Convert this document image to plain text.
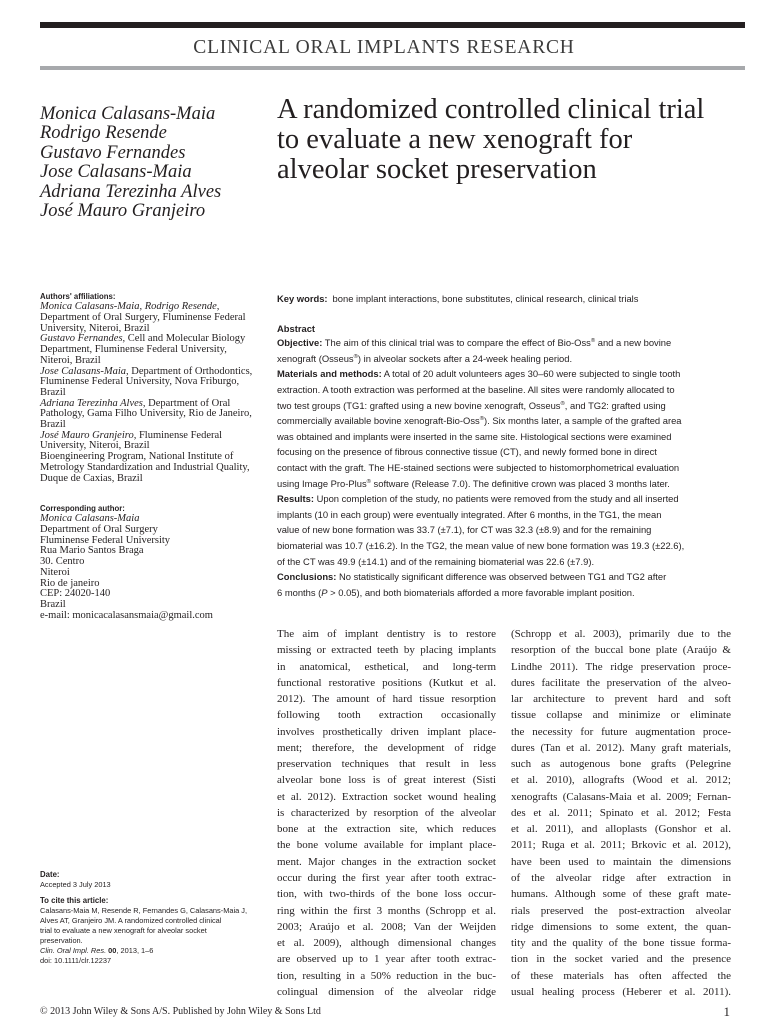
CLINICAL ORAL IMPLANTS RESEARCH
Monica Calasans-Maia
Rodrigo Resende
Gustavo Fernandes
Jose Calasans-Maia
Adriana Terezinha Alves
José Mauro Granjeiro
A randomized controlled clinical trial
to evaluate a new xenograft for
alveolar socket preservation
Authors' affiliations:
Monica Calasans-Maia, Rodrigo Resende,
Department of Oral Surgery, Fluminense Federal
University, Niteroi, Brazil
Gustavo Fernandes, Cell and Molecular Biology
Department, Fluminense Federal University,
Niteroi, Brazil
Jose Calasans-Maia, Department of Orthodontics,
Fluminense Federal University, Nova Friburgo,
Brazil
Adriana Terezinha Alves, Department of Oral
Pathology, Gama Filho University, Rio de Janeiro,
Brazil
José Mauro Granjeiro, Fluminense Federal
University, Niteroi, Brazil
Bioengineering Program, National Institute of
Metrology Standardization and Industrial Quality,
Duque de Caxias, Brazil
Corresponding author:
Monica Calasans-Maia
Department of Oral Surgery
Fluminense Federal University
Rua Mario Santos Braga
30. Centro
Niteroi
Rio de janeiro
CEP: 24020-140
Brazil
e-mail: monicacalasansmaia@gmail.com
Date:
Accepted 3 July 2013
To cite this article:
Calasans-Maia M, Resende R, Fernandes G, Calasans-Maia J,
Alves AT, Granjeiro JM. A randomized controlled clinical
trial to evaluate a new xenograft for alveolar socket
preservation.
Clin. Oral Impl. Res. 00, 2013, 1–6
doi: 10.1111/clr.12237
Key words: bone implant interactions, bone substitutes, clinical research, clinical trials
Abstract
Objective: The aim of this clinical trial was to compare the effect of Bio-Oss® and a new bovine
xenograft (Osseus®) in alveolar sockets after a 24-week healing period.
Materials and methods: A total of 20 adult volunteers ages 30–60 were subjected to single tooth
extraction. A tooth extraction was performed at the baseline. All sites were randomly allocated to
two test groups (TG1: grafted using a new bovine xenograft, Osseus®, and TG2: grafted using
commercially available bovine xenograft-Bio-Oss®). Six months later, a sample of the grafted area
was obtained and implants were inserted in the same site. Histological sections were examined
focusing on the presence of fibrous connective tissue (CT), and newly formed bone in direct
contact with the graft. The HE-stained sections were subjected to histomorphometrical evaluation
using Image Pro-Plus® software (Release 7.0). The definitive crown was placed 3 months later.
Results: Upon completion of the study, no patients were removed from the study and all inserted
implants (10 in each group) were eventually integrated. After 6 months, in the TG1, the mean
value of new bone formation was 33.7 (±7.1), for CT was 32.3 (±8.9) and for the remaining
biomaterial was 10.7 (±16.2). In the TG2, the mean value of new bone formation was 19.3 (±22.6),
of the CT was 49.9 (±14.1) and of the remaining biomaterial was 22.6 (±7.9).
Conclusions: No statistically significant difference was observed between TG1 and TG2 after
6 months (P > 0.05), and both biomaterials afforded a more favorable implant position.
The aim of implant dentistry is to restore
missing or extracted teeth by placing implants
in anatomical, esthetical, and long-term
functional restorative positions (Kutkut et al.
2012). The amount of hard tissue resorption
following tooth extraction occasionally
involves prosthetically driven implant place-
ment; therefore, the development of ridge
preservation techniques that result in less
alveolar bone loss is of great interest (Sisti
et al. 2012). Extraction socket wound healing
is characterized by resorption of the alveolar
bone at the extraction site, which reduces
the bone volume available for implant place-
ment. Major changes in the extraction socket
occur during the first year after tooth extrac-
tion, with two-thirds of the bone loss occur-
ring within the first 3 months (Schropp et al.
2003; Araújo et al. 2008; Van der Weijden
et al. 2009), although dimensional changes
are observed up to 1 year after tooth extrac-
tion, resulting in a 50% reduction in the buc-
colingual dimension of the alveolar ridge
(Schropp et al. 2003), primarily due to the
resorption of the buccal bone plate (Araújo &
Lindhe 2011). The ridge preservation proce-
dures facilitate the preservation of the alveo-
lar architecture to prevent hard and soft
tissue collapse and minimize or eliminate
the necessity for future augmentation proce-
dures (Tan et al. 2012). Many graft materials,
such as autogenous bone grafts (Pelegrine
et al. 2010), allografts (Wood et al. 2012;
xenografts (Calasans-Maia et al. 2009; Fernan-
des et al. 2011; Spinato et al. 2012; Festa
et al. 2011), and alloplasts (Gonshor et al.
2011; Ruga et al. 2011; Brkovic et al. 2012),
have been used to maintain the dimensions
of the alveolar ridge after extraction in
humans. Although some of these graft mate-
rials preserved the post-extraction alveolar
ridge dimensions to some extent, the quan-
tity and the quality of the bone tissue forma-
tion in the socket varied and the presence
of these materials has often affected the
usual healing process (Heberer et al. 2011).
© 2013 John Wiley & Sons A/S. Published by John Wiley & Sons Ltd	1
